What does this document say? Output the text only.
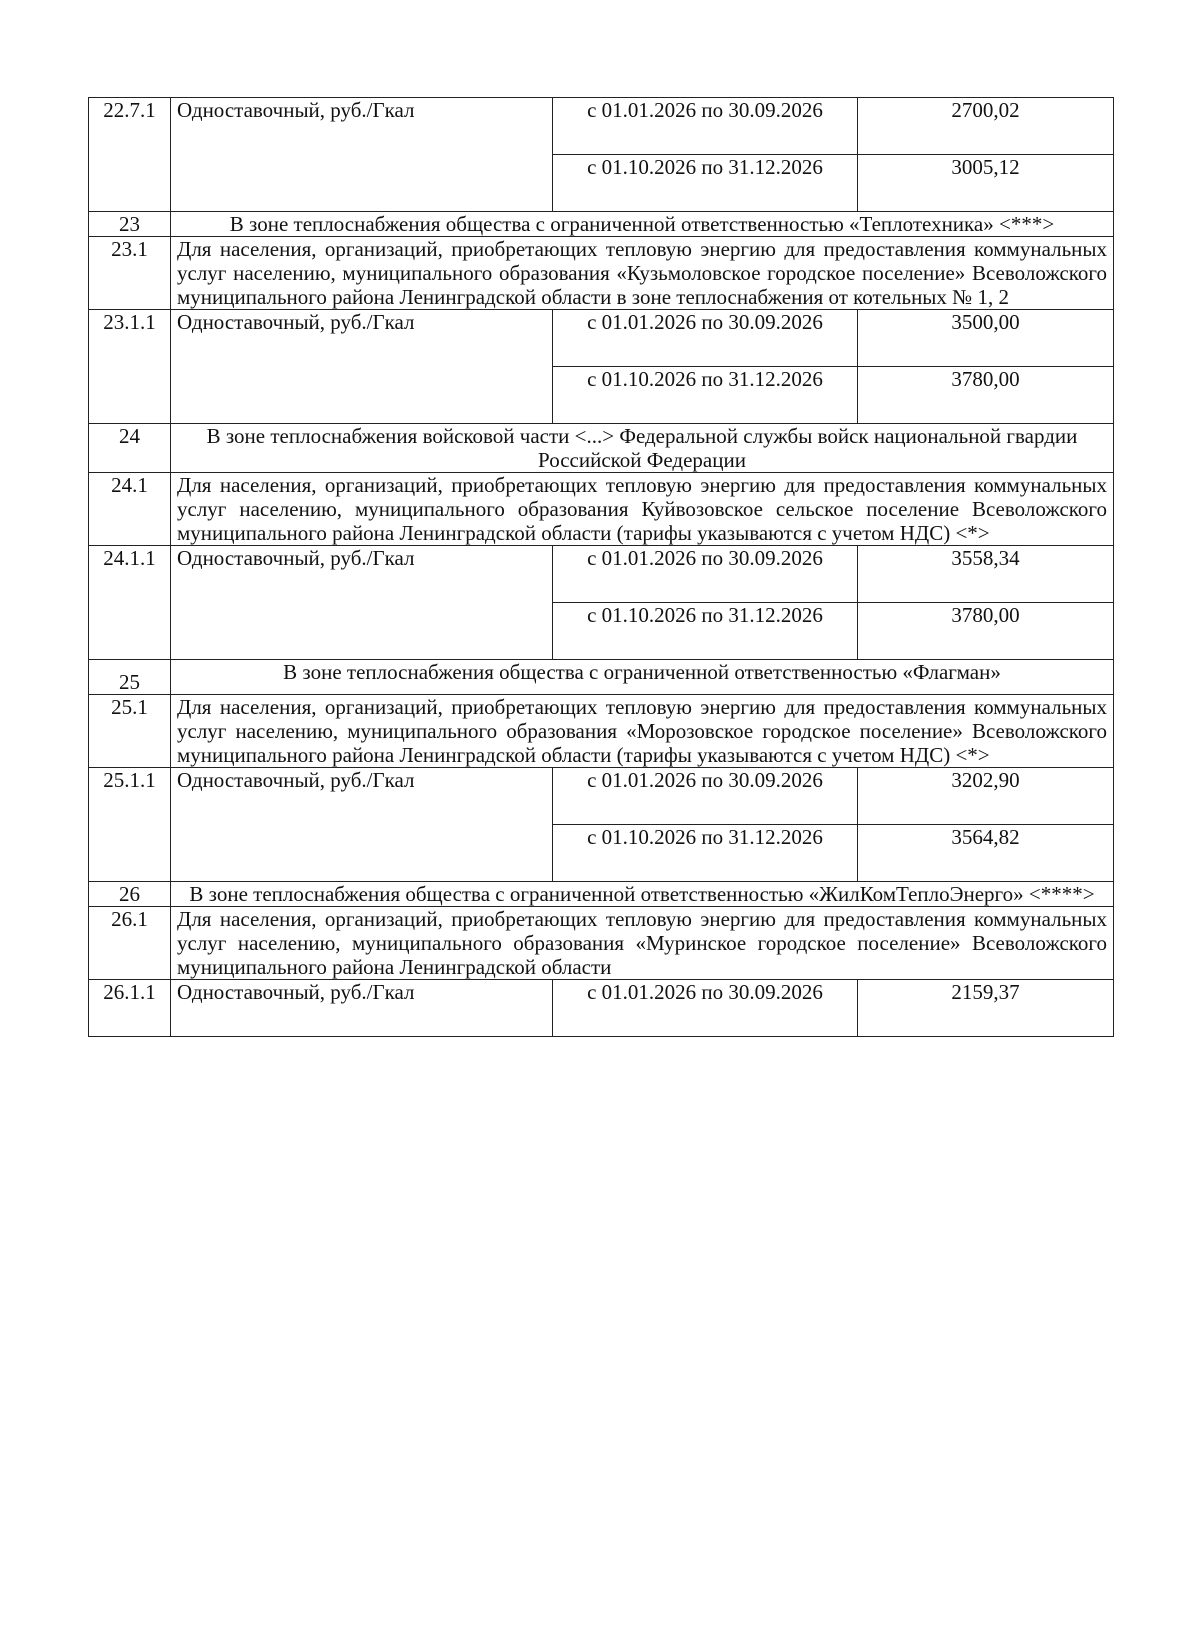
22.7.1	Одноставочный, руб./Гкал	с 01.01.2026 по 30.09.2026	2700,02
		с 01.10.2026 по 31.12.2026	3005,12
23	В зоне теплоснабжения общества с ограниченной ответственностью «Теплотехника» <***>		
23.1	Для населения, организаций, приобретающих тепловую энергию для предоставления коммунальных услуг населению, муниципального образования «Кузьмоловское городское поселение» Всеволожского муниципального района Ленинградской области в зоне теплоснабжения от котельных № 1, 2		
23.1.1	Одноставочный, руб./Гкал	с 01.01.2026 по 30.09.2026	3500,00
		с 01.10.2026 по 31.12.2026	3780,00
24	В зоне теплоснабжения войсковой части <...> Федеральной службы войск национальной гвардии Российской Федерации		
24.1	Для населения, организаций, приобретающих тепловую энергию для предоставления коммунальных услуг населению, муниципального образования Куйвозовское сельское поселение Всеволожского муниципального района Ленинградской области (тарифы указываются с учетом НДС) <*>		
24.1.1	Одноставочный, руб./Гкал	с 01.01.2026 по 30.09.2026	3558,34
		с 01.10.2026 по 31.12.2026	3780,00
25	В зоне теплоснабжения общества с ограниченной ответственностью «Флагман»		
25.1	Для населения, организаций, приобретающих тепловую энергию для предоставления коммунальных услуг населению, муниципального образования «Морозовское городское поселение» Всеволожского муниципального района Ленинградской области (тарифы указываются с учетом НДС) <*>		
25.1.1	Одноставочный, руб./Гкал	с 01.01.2026 по 30.09.2026	3202,90
		с 01.10.2026 по 31.12.2026	3564,82
26	В зоне теплоснабжения общества с ограниченной ответственностью «ЖилКомТеплоЭнерго» <****>		
26.1	Для населения, организаций, приобретающих тепловую энергию для предоставления коммунальных услуг населению, муниципального образования «Муринское городское поселение» Всеволожского муниципального района Ленинградской области		
26.1.1	Одноставочный, руб./Гкал	с 01.01.2026 по 30.09.2026	2159,37
